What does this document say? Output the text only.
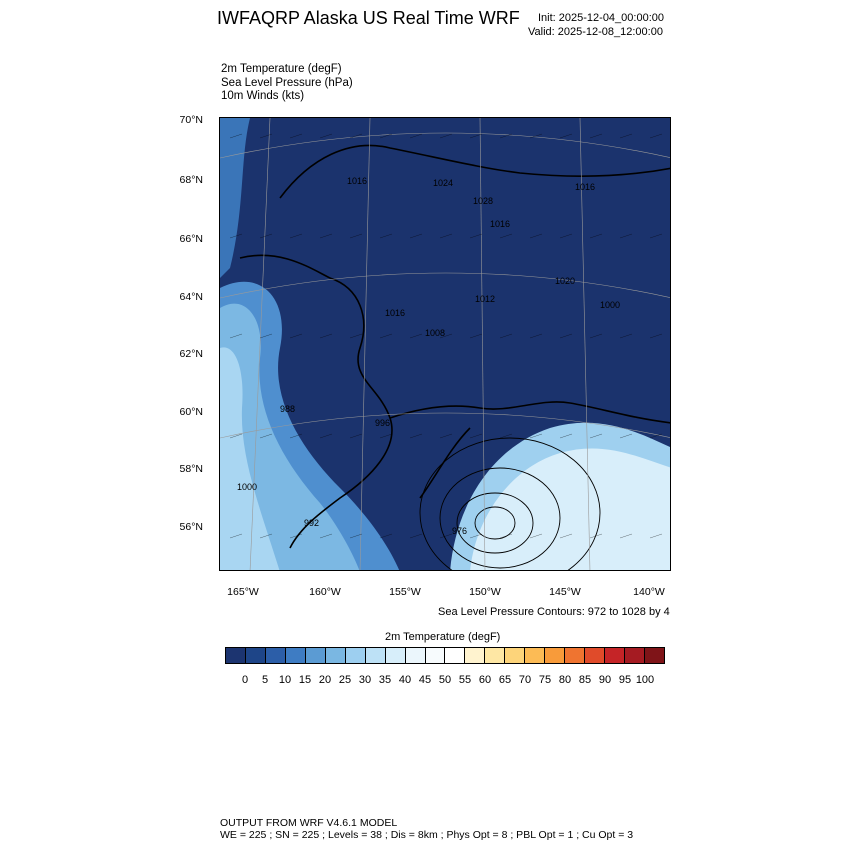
IWFAQRP Alaska US Real Time WRF Init: 2025-12-04_00:00:00
Valid: 2025-12-08_12:00:00
2m Temperature (degF)
Sea Level Pressure (hPa)
10m Winds (kts)
1016	1024
1028
1016
1016
1020
1012
1016
1008
1000
988
996
1000
992
976
70°N
68°N
66°N
64°N
62°N
60°N
58°N
56°N
165°W	160°W	155°W	150°W	145°W	140°W
Sea Level Pressure Contours: 972 to 1028 by 4
2m Temperature (degF)
0	5 10 15 20 25 30 35 40 45 50 55 60 65 70 75 80 85 90 95 100
OUTPUT FROM WRF V4.6.1 MODEL
WE = 225 ; SN = 225 ; Levels = 38 ; Dis = 8km ; Phys Opt = 8 ; PBL Opt = 1 ; Cu Opt = 3
